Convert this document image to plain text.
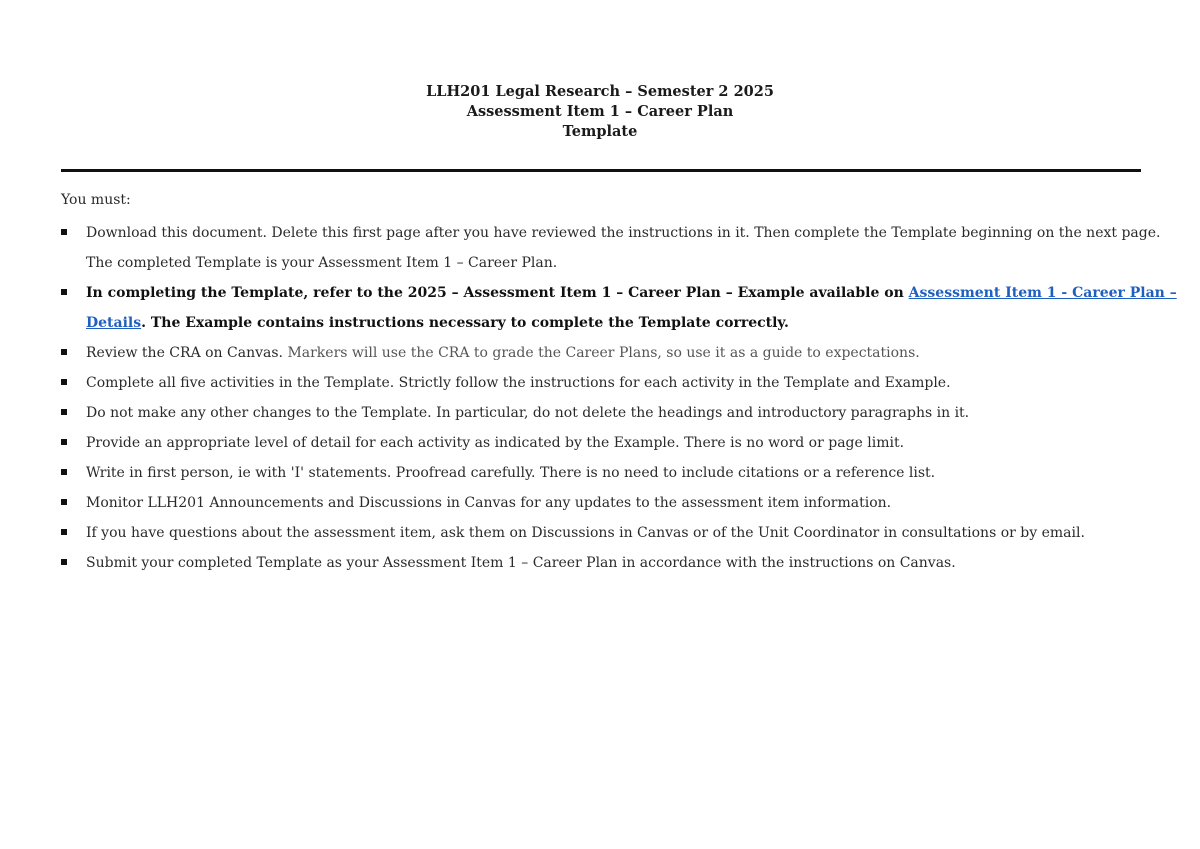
LLH201 Legal Research – Semester 2 2025
Assessment Item 1 – Career Plan
Template
You must:
Download this document. Delete this first page after you have reviewed the instructions in it. Then complete the Template beginning on the next page.
The completed Template is your Assessment Item 1 – Career Plan.
In completing the Template, refer to the 2025 – Assessment Item 1 – Career Plan – Example available on Assessment Item 1 - Career Plan –
Details. The Example contains instructions necessary to complete the Template correctly.
Review the CRA on Canvas. Markers will use the CRA to grade the Career Plans, so use it as a guide to expectations.
Complete all five activities in the Template. Strictly follow the instructions for each activity in the Template and Example.
Do not make any other changes to the Template. In particular, do not delete the headings and introductory paragraphs in it.
Provide an appropriate level of detail for each activity as indicated by the Example. There is no word or page limit.
Write in first person, ie with 'I' statements. Proofread carefully. There is no need to include citations or a reference list.
Monitor LLH201 Announcements and Discussions in Canvas for any updates to the assessment item information.
If you have questions about the assessment item, ask them on Discussions in Canvas or of the Unit Coordinator in consultations or by email.
Submit your completed Template as your Assessment Item 1 – Career Plan in accordance with the instructions on Canvas.
